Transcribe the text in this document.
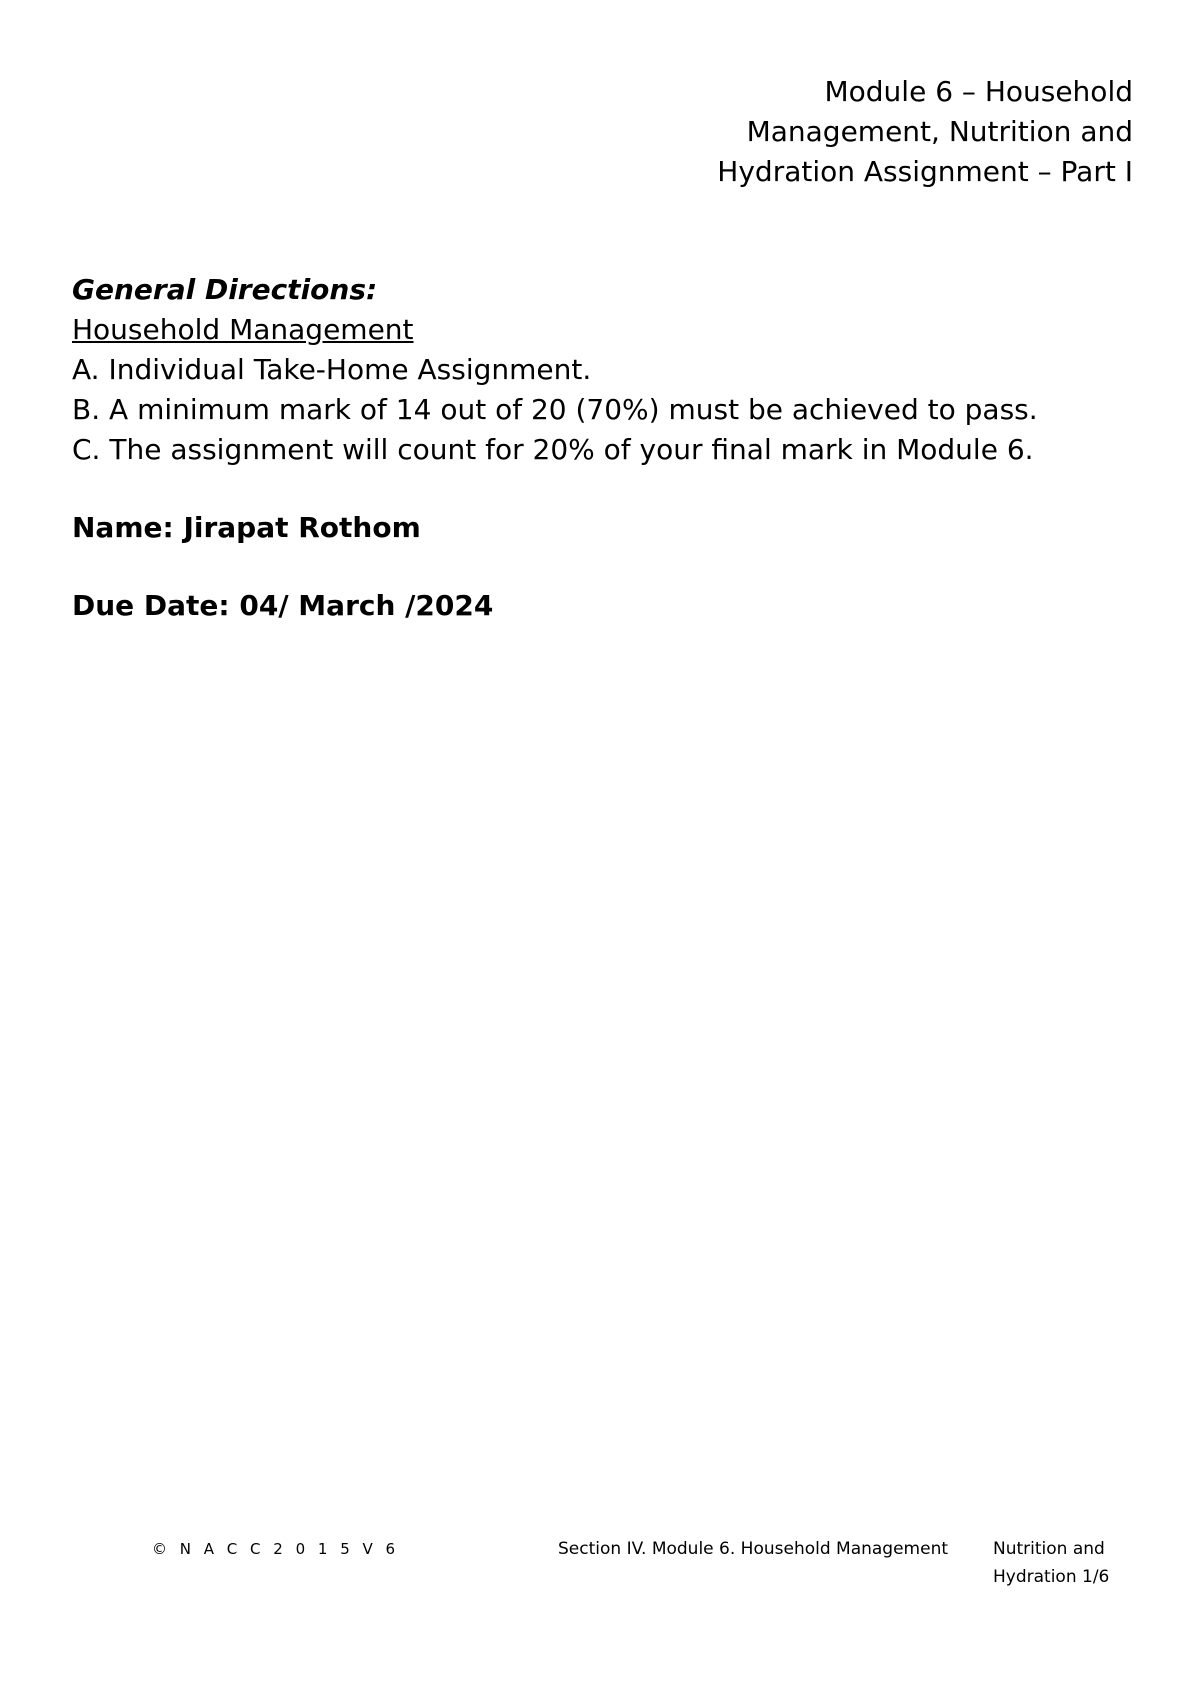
Module 6 – Household
Management, Nutrition and
Hydration Assignment – Part I
General Directions:
Household Management
A. Individual Take-Home Assignment.
B. A minimum mark of 14 out of 20 (70%) must be achieved to pass.
C. The assignment will count for 20% of your final mark in Module 6.
Name: Jirapat Rothom
Due Date: 04/ March /2024
© N A C C 2 0 1 5 V 6	Section IV. Module 6. Household Management	Nutrition and
Hydration 1/6
